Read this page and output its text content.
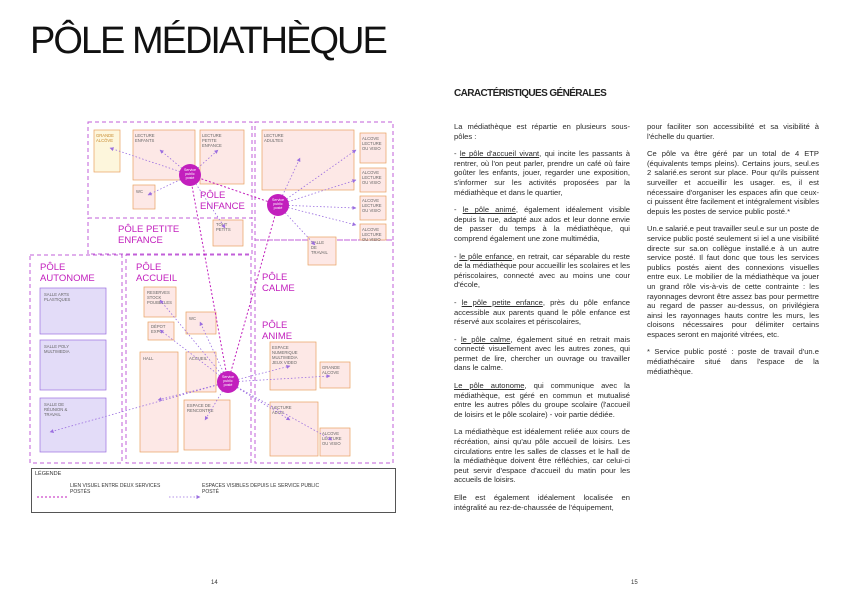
PÔLE MÉDIATHÈQUE
GRANDE ALCÔVE
LECTURE ENFANTS
LECTURE PETITE ENFANCE
WC
TOUT PETITS
LECTURE ADULTES	ALCOVE LECTURE OU VISIO
ALCOVE LECTURE OU VISIO
ALCOVE LECTURE OU VISIO
ALCOVE LECTURE OU VISIO
SALLE DE TRAVAIL
SALLE ARTS PLASTIQUES
SALLE POLY MULTIMEDIA
SALLE DE RÉUNION & TRAVAIL
RESERVES STOCK POUBELLES
DÉPOT EXPO
WC
HALL	ACCUEIL
ESPACE DE RENCONTRE
ESPACE NUMERIQUE MULTIMEDIA JEUX VIDEO
GRANDE ALCOVE
LECTURE ADOS
ALCOVE LECTURE OU VISIO
PÔLE ENFANCE
PÔLE PETITE ENFANCE
PÔLE AUTONOME
PÔLE ACCUEIL	PÔLE CALME
PÔLE ANIME
Service public posté
Service public posté
Service public posté
LÉGENDE
LIEN VISUEL ENTRE DEUX SERVICES POSTÉS
ESPACES VISIBLES DEPUIS LE SERVICE PUBLIC POSTÉ
14
CARACTÉRISTIQUES GÉNÉRALES

La médiathèque est répartie en plusieurs sous-pôles :

- le pôle d'accueil vivant, qui incite les passants à rentrer, où l'on peut parler, prendre un café où faire goûter les enfants, jouer, regarder une exposition, s'informer sur les activités proposées par la médiathèque et dans le quartier,

- le pôle animé, également idéalement visible depuis la rue, adapté aux ados et leur donne envie de passer du temps à la médiathèque, qui comprend également une zone multimédia,

- le pôle enfance, en retrait, car séparable du reste de la médiathèque pour accueillir les scolaires et les périscolaires, connecté avec au moins une cour d'école,

- le pôle petite enfance, près du pôle enfance accessible aux parents quand le pôle enfance est réservé aux scolaires et périscolaires,

- le pôle calme, également situé en retrait mais connecté visuellement avec les autres zones, qui permet de lire, chercher un ouvrage ou travailler dans le calme.

Le pôle autonome, qui communique avec la médiathèque, est géré en commun et mutualisé entre les autres pôles du groupe scolaire (l'accueil de loisirs et le pôle scolaire) - voir partie dédiée.

La médiathèque est idéalement reliée aux cours de récréation, ainsi qu'au pôle accueil de loisirs. Les circulations entre les salles de classes et le hall de la médiathèque doivent être réfléchies, car celui-ci peut servir d'espace d'accueil du matin pour les accueils de loisirs.

Elle est également idéalement localisée en intégralité au rez-de-chaussée de l'équipement,

pour faciliter son accessibilité et sa visibilité à l'échelle du quartier.

Ce pôle va être géré par un total de 4 ETP (équivalents temps pleins). Certains jours, seul.es 2 salarié.es seront sur place. Pour qu'ils puissent surveiller et accueillir les usager. es, il est nécessaire d'organiser les espaces afin que ceux-ci puissent être facilement et intégralement visibles depuis les postes de service public posté.*

Un.e salarié.e peut travailler seul.e sur un poste de service public posté seulement si iel a une visibilité directe sur sa.on collègue installé.e à un autre service posté. Il faut donc que tous les services publics postés aient des connexions visuelles entre eux. Le mobilier de la médiathèque va jouer un grand rôle vis-à-vis de cette contrainte : les rayonnages devront être assez bas pour permettre au regard de passer au-dessus, on privilégiera ainsi les rayonnages hauts contre les murs, les cloisons nécessaires pour délimiter certains espaces seront en majorité vitrées, etc.

* Service public posté : poste de travail d'un.e médiathécaire situé dans l'espace de la médiathèque.

15
